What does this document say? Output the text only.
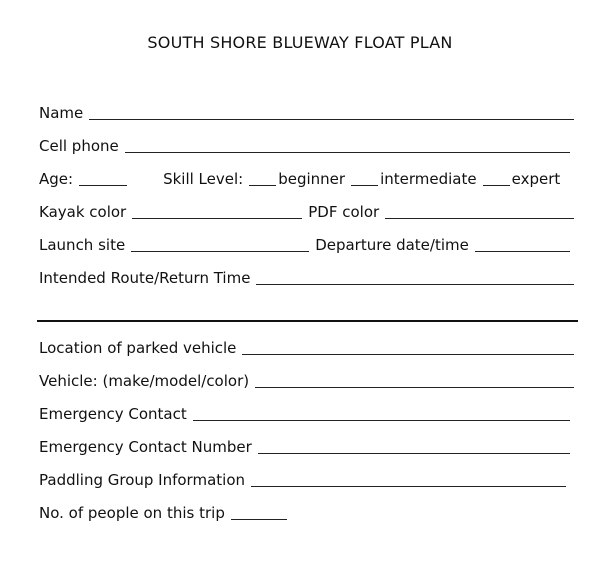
SOUTH SHORE BLUEWAY FLOAT PLAN
Name
Cell phone
Age:	Skill Level: beginner intermediate expert
Kayak color	PDF color
Launch site	Departure date/time
Intended Route/Return Time
Location of parked vehicle
Vehicle: (make/model/color)
Emergency Contact
Emergency Contact Number
Paddling Group Information
No. of people on this trip
